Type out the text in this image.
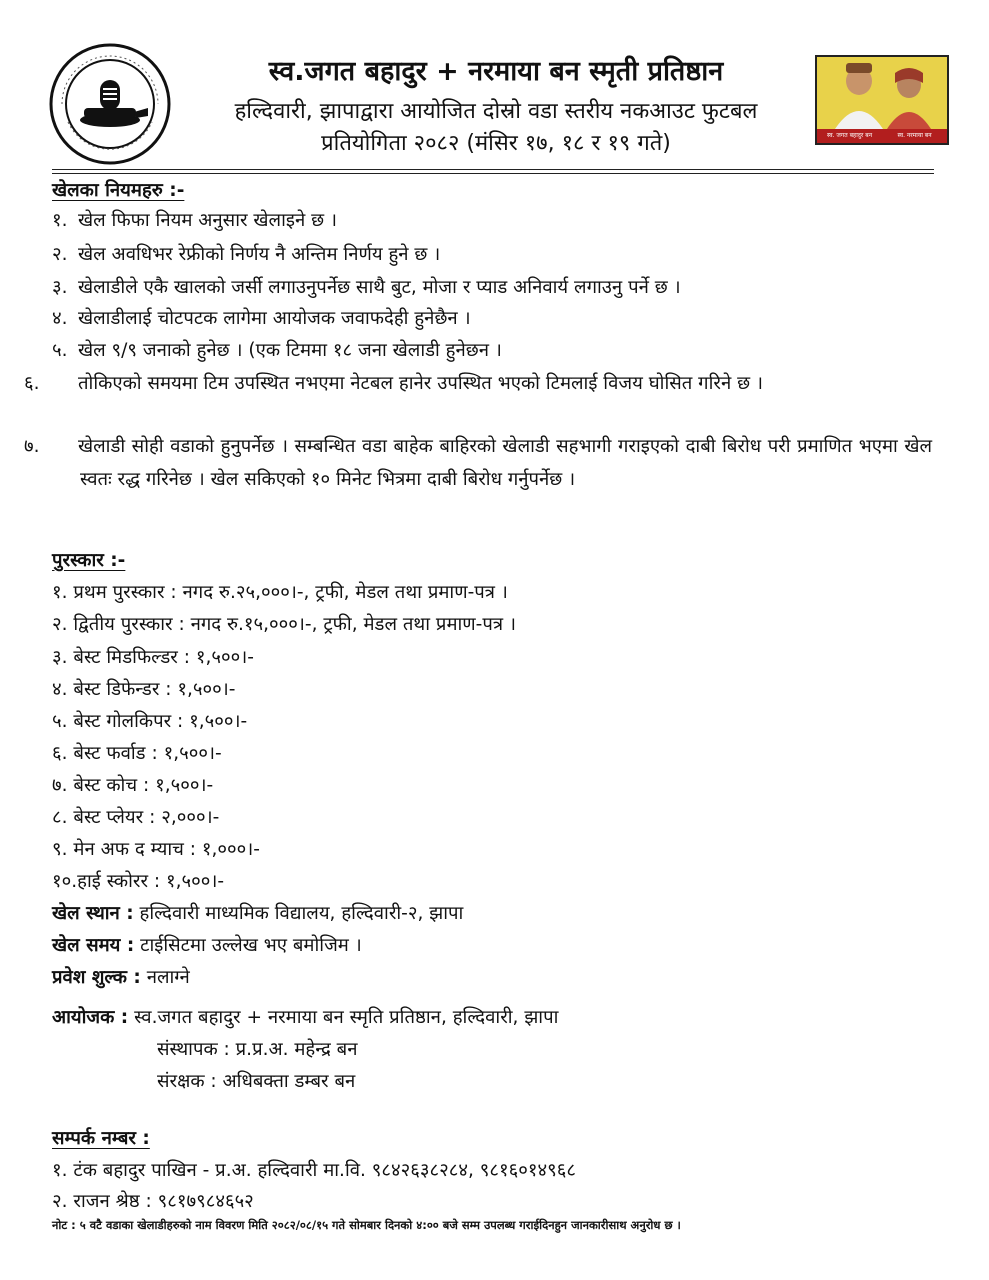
स्व.जगत बहादुर + नरमाया बन स्मृती प्रतिष्ठान
हल्दिवारी, झापाद्वारा आयोजित दोस्रो वडा स्तरीय नकआउट फुटबल
प्रतियोगिता २०८२ (मंसिर १७, १८ र १९ गते)	स्व. जगत बहादुर बन	स्व. नरमाया बन
खेलका नियमहरु :-
१. खेल फिफा नियम अनुसार खेलाइने छ ।
२. खेल अवधिभर रेफ्रीको निर्णय नै अन्तिम निर्णय हुने छ ।
३. खेलाडीले एकै खालको जर्सी लगाउनुपर्नेछ साथै बुट, मोजा र प्याड अनिवार्य लगाउनु पर्ने छ ।
४. खेलाडीलाई चोटपटक लागेमा आयोजक जवाफदेही हुनेछैन ।
५. खेल ९/९ जनाको हुनेछ । (एक टिममा १८ जना खेलाडी हुनेछन ।
६. तोकिएको समयमा टिम उपस्थित नभएमा नेटबल हानेर उपस्थित भएको टिमलाई विजय घोसित गरिने छ ।
७. खेलाडी सोही वडाको हुनुपर्नेछ । सम्बन्धित वडा बाहेक बाहिरको खेलाडी सहभागी गराइएको दाबी बिरोध परी प्रमाणित भएमा खेल स्वतः रद्ध गरिनेछ । खेल सकिएको १० मिनेट भित्रमा दाबी बिरोध गर्नुपर्नेछ ।
पुरस्कार :-
१. प्रथम पुरस्कार : नगद रु.२५,०००।-, ट्रफी, मेडल तथा प्रमाण-पत्र ।
२. द्वितीय पुरस्कार : नगद रु.१५,०००।-, ट्रफी, मेडल तथा प्रमाण-पत्र ।
३. बेस्ट मिडफिल्डर : १,५००।-
४. बेस्ट डिफेन्डर : १,५००।-
५. बेस्ट गोलकिपर : १,५००।-
६. बेस्ट फर्वाड : १,५००।-
७. बेस्ट कोच : १,५००।-
८. बेस्ट प्लेयर : २,०००।-
९. मेन अफ द म्याच : १,०००।-
१०.हाई स्कोरर : १,५००।-
खेल स्थान : हल्दिवारी माध्यमिक विद्यालय, हल्दिवारी-२, झापा
खेल समय : टाईसिटमा उल्लेख भए बमोजिम ।
प्रवेश शुल्क : नलाग्ने
आयोजक : स्व.जगत बहादुर + नरमाया बन स्मृति प्रतिष्ठान, हल्दिवारी, झापा
संस्थापक : प्र.प्र.अ. महेन्द्र बन
संरक्षक : अधिबक्ता डम्बर बन
सम्पर्क नम्बर :
१. टंक बहादुर पाखिन - प्र.अ. हल्दिवारी मा.वि. ९८४२६३८२८४, ९८१६०१४९६८
२. राजन श्रेष्ठ : ९८१७९८४६५२
नोट : ५ वटै वडाका खेलाडीहरुको नाम विवरण मिति २०८२/०८/१५ गते सोमबार दिनको ४:०० बजे सम्म उपलब्ध गराईदिनहुन जानकारीसाथ अनुरोध छ ।
